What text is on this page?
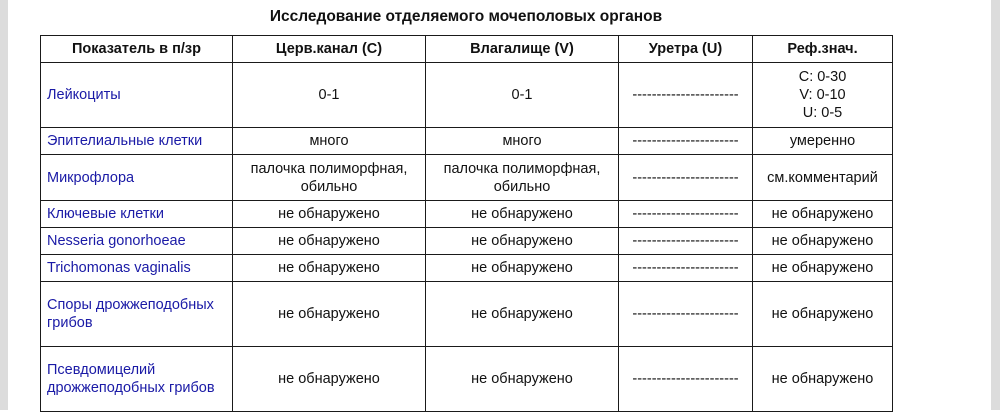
Исследование отделяемого мочеполовых органов
Показатель в п/зр	Церв.канал (С)	Влагалище (V)	Уретра (U)	Реф.знач.
Лейкоциты	0-1	0-1	----------------------	C: 0-30
V: 0-10
U: 0-5

Эпителиальные клетки	много	много	----------------------	умеренно
Микрофлора	палочка полиморфная, обильно	палочка полиморфная, обильно	----------------------	см.комментарий
Ключевые клетки	не обнаружено	не обнаружено	----------------------	не обнаружено
Nesseria gonorhoeae	не обнаружено	не обнаружено	----------------------	не обнаружено
Trichomonas vaginalis	не обнаружено	не обнаружено	----------------------	не обнаружено
Споры дрожжеподобных грибов	не обнаружено	не обнаружено	----------------------	не обнаружено
Псевдомицелий дрожжеподобных грибов	не обнаружено	не обнаружено	----------------------	не обнаружено
